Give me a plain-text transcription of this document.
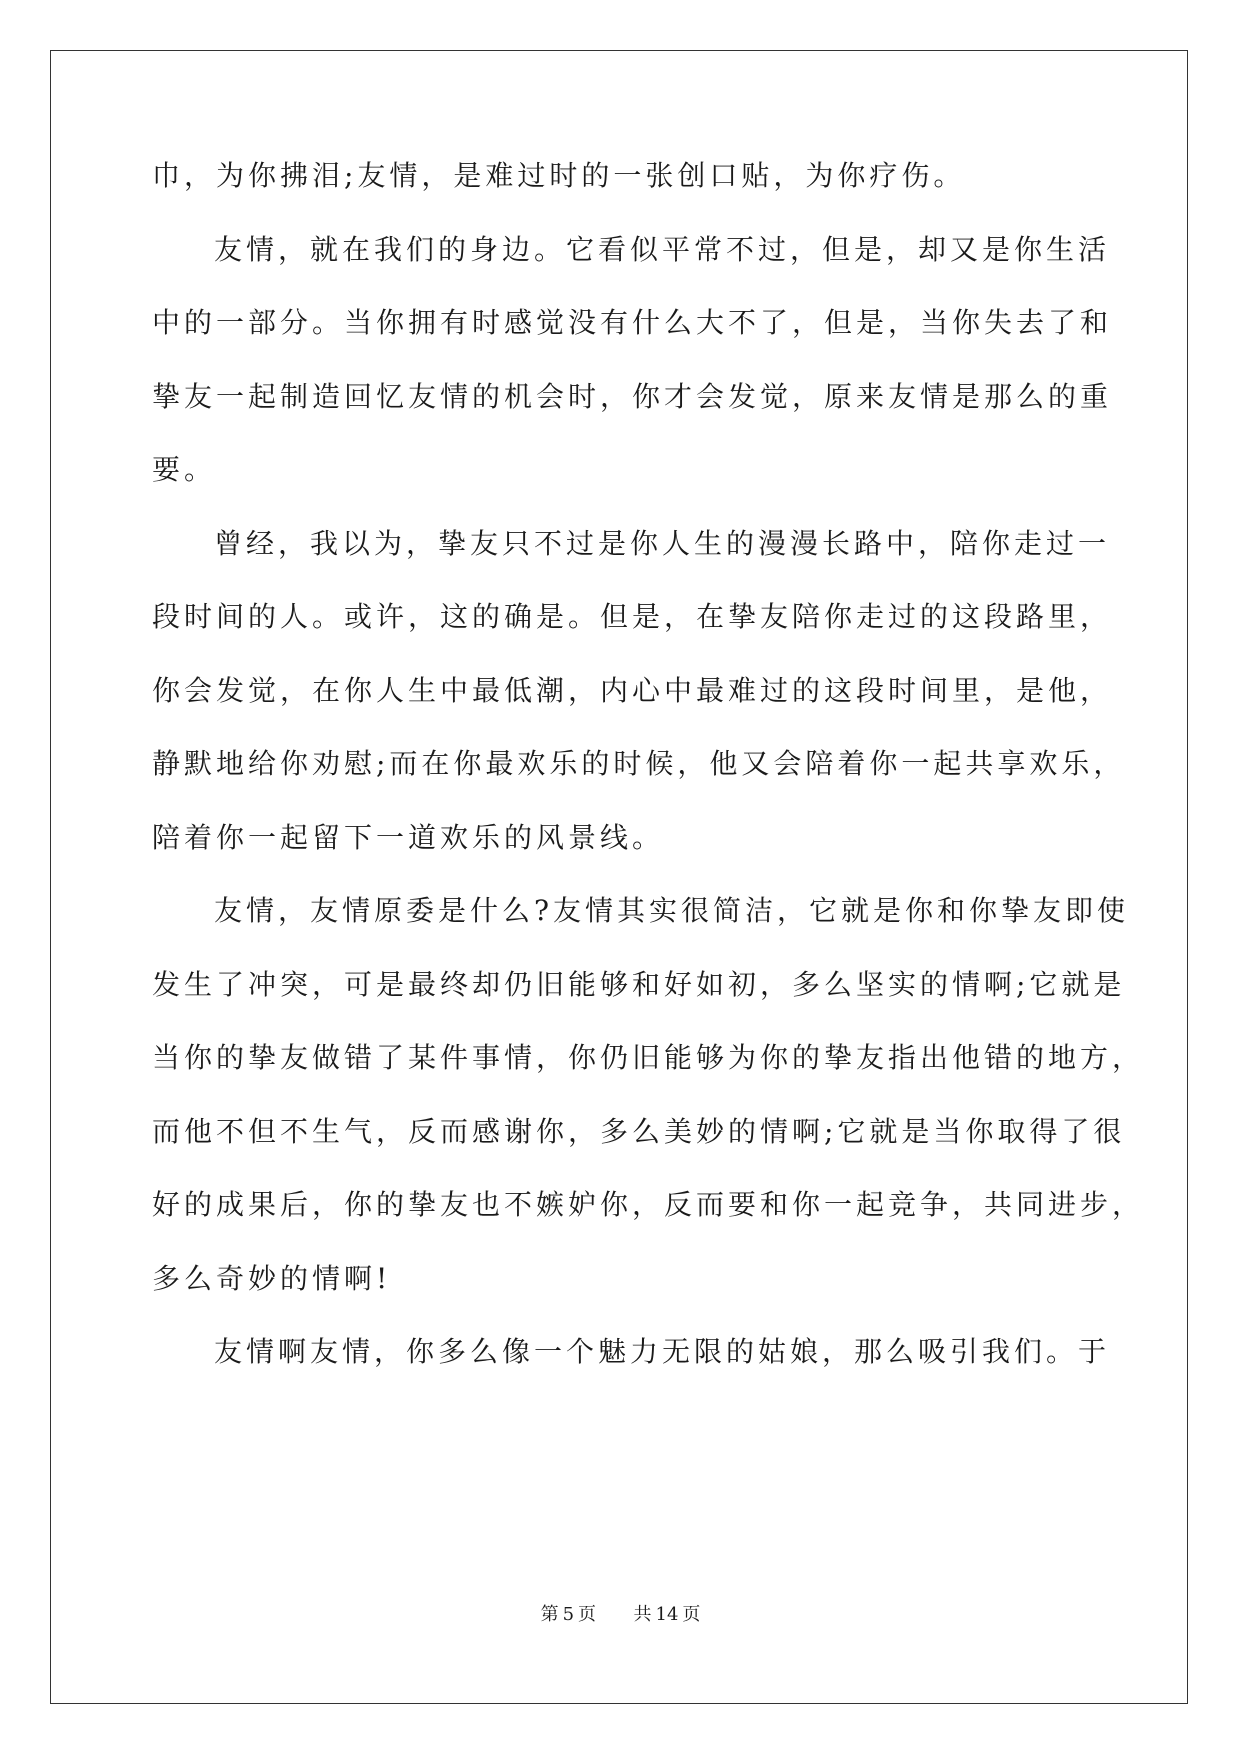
巾，为你拂泪;友情，是难过时的一张创口贴，为你疗伤。
友情，就在我们的身边。它看似平常不过，但是，却又是你生活
中的一部分。当你拥有时感觉没有什么大不了，但是，当你失去了和
挚友一起制造回忆友情的机会时，你才会发觉，原来友情是那么的重
要。
曾经，我以为，挚友只不过是你人生的漫漫长路中，陪你走过一
段时间的人。或许，这的确是。但是，在挚友陪你走过的这段路里，
你会发觉，在你人生中最低潮，内心中最难过的这段时间里，是他，
静默地给你劝慰;而在你最欢乐的时候，他又会陪着你一起共享欢乐，
陪着你一起留下一道欢乐的风景线。
友情，友情原委是什么?友情其实很简洁，它就是你和你挚友即使
发生了冲突，可是最终却仍旧能够和好如初，多么坚实的情啊;它就是
当你的挚友做错了某件事情，你仍旧能够为你的挚友指出他错的地方，
而他不但不生气，反而感谢你，多么美妙的情啊;它就是当你取得了很
好的成果后，你的挚友也不嫉妒你，反而要和你一起竞争，共同进步，
多么奇妙的情啊!
友情啊友情，你多么像一个魅力无限的姑娘，那么吸引我们。于
第 5 页 共 14 页
